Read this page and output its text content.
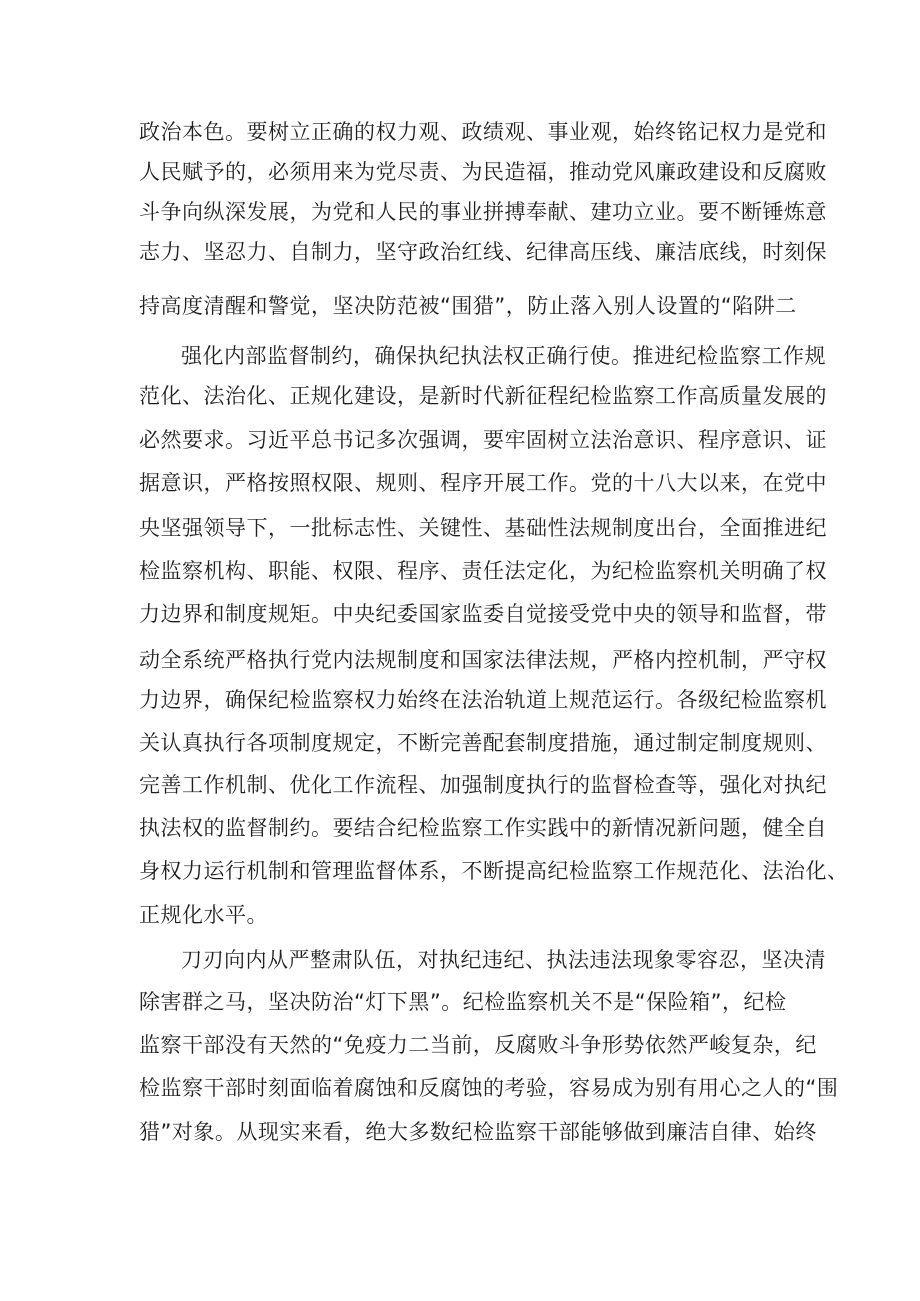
政治本色。要树立正确的权力观、政绩观、事业观，始终铭记权力是党和
人民赋予的，必须用来为党尽责、为民造福，推动党风廉政建设和反腐败
斗争向纵深发展，为党和人民的事业拼搏奉献、建功立业。要不断锤炼意
志力、坚忍力、自制力，坚守政治红线、纪律高压线、廉洁底线，时刻保
持高度清醒和警觉，坚决防范被“围猎”，防止落入别人设置的“陷阱二
强化内部监督制约，确保执纪执法权正确行使。推进纪检监察工作规
范化、法治化、正规化建设，是新时代新征程纪检监察工作高质量发展的
必然要求。习近平总书记多次强调，要牢固树立法治意识、程序意识、证
据意识，严格按照权限、规则、程序开展工作。党的十八大以来，在党中
央坚强领导下，一批标志性、关键性、基础性法规制度出台，全面推进纪
检监察机构、职能、权限、程序、责任法定化，为纪检监察机关明确了权
力边界和制度规矩。中央纪委国家监委自觉接受党中央的领导和监督，带
动全系统严格执行党内法规制度和国家法律法规，严格内控机制，严守权
力边界，确保纪检监察权力始终在法治轨道上规范运行。各级纪检监察机
关认真执行各项制度规定，不断完善配套制度措施，通过制定制度规则、
完善工作机制、优化工作流程、加强制度执行的监督检查等，强化对执纪
执法权的监督制约。要结合纪检监察工作实践中的新情况新问题，健全自
身权力运行机制和管理监督体系，不断提高纪检监察工作规范化、法治化、
正规化水平。
刀刃向内从严整肃队伍，对执纪违纪、执法违法现象零容忍，坚决清
除害群之马，坚决防治“灯下黑”。纪检监察机关不是“保险箱”，纪检
监察干部没有天然的“免疫力二当前，反腐败斗争形势依然严峻复杂，纪
检监察干部时刻面临着腐蚀和反腐蚀的考验，容易成为别有用心之人的“围
猎”对象。从现实来看，绝大多数纪检监察干部能够做到廉洁自律、始终
